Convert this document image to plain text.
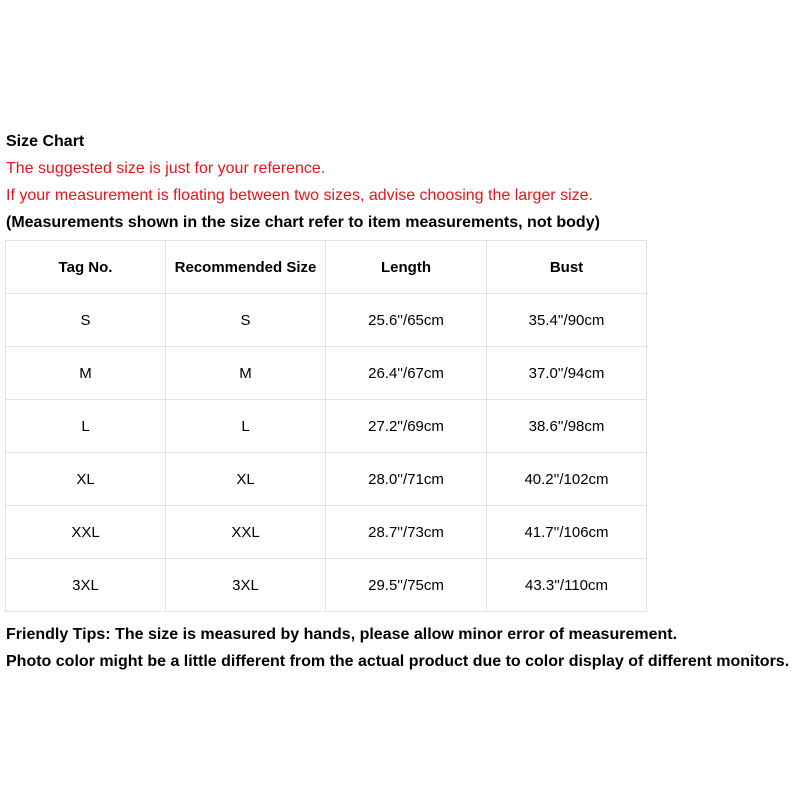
Size Chart
The suggested size is just for your reference.
If your measurement is floating between two sizes, advise choosing the larger size.
(Measurements shown in the size chart refer to item measurements, not body)
Tag No.	Recommended Size	Length	Bust
S	S	25.6''/65cm	35.4''/90cm
M	M	26.4''/67cm	37.0''/94cm
L	L	27.2''/69cm	38.6''/98cm
XL	XL	28.0''/71cm	40.2''/102cm
XXL	XXL	28.7''/73cm	41.7''/106cm
3XL	3XL	29.5''/75cm	43.3''/110cm
Friendly Tips: The size is measured by hands, please allow minor error of measurement.
Photo color might be a little different from the actual product due to color display of different monitors.
